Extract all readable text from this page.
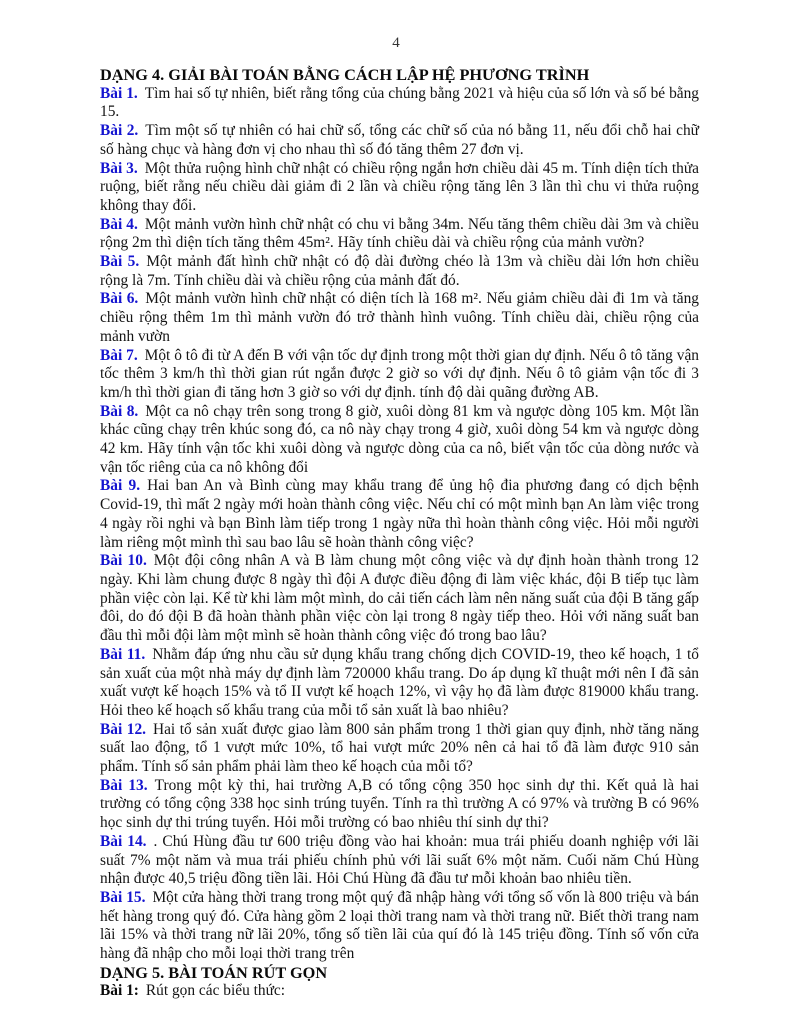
4
DẠNG 4. GIẢI BÀI TOÁN BẰNG CÁCH LẬP HỆ PHƯƠNG TRÌNH

Bài 1. Tìm hai số tự nhiên, biết rằng tổng của chúng bằng 2021 và hiệu của số lớn và số bé bằng 15.

Bài 2. Tìm một số tự nhiên có hai chữ số, tổng các chữ số của nó bằng 11, nếu đổi chỗ hai chữ số hàng chục và hàng đơn vị cho nhau thì số đó tăng thêm 27 đơn vị.

Bài 3. Một thửa ruộng hình chữ nhật có chiều rộng ngắn hơn chiều dài 45 m. Tính diện tích thửa ruộng, biết rằng nếu chiều dài giảm đi 2 lần và chiều rộng tăng lên 3 lần thì chu vi thửa ruộng không thay đổi.

Bài 4. Một mảnh vườn hình chữ nhật có chu vi bằng 34m. Nếu tăng thêm chiều dài 3m và chiều rộng 2m thì diện tích tăng thêm 45m². Hãy tính chiều dài và chiều rộng của mảnh vườn?

Bài 5. Một mảnh đất hình chữ nhật có độ dài đường chéo là 13m và chiều dài lớn hơn chiều rộng là 7m. Tính chiều dài và chiều rộng của mảnh đất đó.

Bài 6. Một mảnh vườn hình chữ nhật có diện tích là 168 m². Nếu giảm chiều dài đi 1m và tăng chiều rộng thêm 1m thì mảnh vườn đó trở thành hình vuông. Tính chiều dài, chiều rộng của mảnh vườn

Bài 7. Một ô tô đi từ A đến B với vận tốc dự định trong một thời gian dự định. Nếu ô tô tăng vận tốc thêm 3 km/h thì thời gian rút ngắn được 2 giờ so với dự định. Nếu ô tô giảm vận tốc đi 3 km/h thì thời gian đi tăng hơn 3 giờ so với dự định. tính độ dài quãng đường AB.

Bài 8. Một ca nô chạy trên song trong 8 giờ, xuôi dòng 81 km và ngược dòng 105 km. Một lần khác cũng chạy trên khúc song đó, ca nô này chạy trong 4 giờ, xuôi dòng 54 km và ngược dòng 42 km. Hãy tính vận tốc khi xuôi dòng và ngược dòng của ca nô, biết vận tốc của dòng nước và vận tốc riêng của ca nô không đổi

Bài 9. Hai ban An và Bình cùng may khẩu trang để ủng hộ đia phương đang có dịch bệnh Covid-19, thì mất 2 ngày mới hoàn thành công việc. Nếu chỉ có một mình bạn An làm việc trong 4 ngày rồi nghi và bạn Bình làm tiếp trong 1 ngày nữa thì hoàn thành công việc. Hỏi mỗi người làm riêng một mình thì sau bao lâu sẽ hoàn thành công việc?

Bài 10. Một đội công nhân A và B làm chung một công việc và dự định hoàn thành trong 12 ngày. Khi làm chung được 8 ngày thì đội A được điều động đi làm việc khác, đội B tiếp tục làm phần việc còn lại. Kể từ khi làm một mình, do cải tiến cách làm nên năng suất của đội B tăng gấp đôi, do đó đội B đã hoàn thành phần việc còn lại trong 8 ngày tiếp theo. Hỏi với năng suất ban đầu thì mỗi đội làm một mình sẽ hoàn thành công việc đó trong bao lâu?

Bài 11. Nhằm đáp ứng nhu cầu sử dụng khẩu trang chống dịch COVID-19, theo kế hoạch, 1 tổ sản xuất của một nhà máy dự định làm 720000 khẩu trang. Do áp dụng kĩ thuật mới nên I đã sản xuất vượt kế hoạch 15% và tổ II vượt kế hoạch 12%, vì vậy họ đã làm được 819000 khẩu trang. Hỏi theo kế hoạch số khẩu trang của mỗi tổ sản xuất là bao nhiêu?

Bài 12. Hai tổ sản xuất được giao làm 800 sản phẩm trong 1 thời gian quy định, nhờ tăng năng suất lao động, tổ 1 vượt mức 10%, tổ hai vượt mức 20% nên cả hai tổ đã làm được 910 sản phẩm. Tính số sản phẩm phải làm theo kế hoạch của mỗi tổ?

Bài 13. Trong một kỳ thi, hai trường A,B có tổng cộng 350 học sinh dự thi. Kết quả là hai trường có tổng cộng 338 học sinh trúng tuyển. Tính ra thì trường A có 97% và trường B có 96% học sinh dự thi trúng tuyển. Hỏi mỗi trường có bao nhiêu thí sinh dự thi?

Bài 14. . Chú Hùng đầu tư 600 triệu đồng vào hai khoản: mua trái phiếu doanh nghiệp với lãi suất 7% một năm và mua trái phiếu chính phủ với lãi suất 6% một năm. Cuối năm Chú Hùng nhận được 40,5 triệu đồng tiền lãi. Hỏi Chú Hùng đã đầu tư mỗi khoản bao nhiêu tiền.

Bài 15. Một cửa hàng thời trang trong một quý đã nhập hàng với tổng số vốn là 800 triệu và bán hết hàng trong quý đó. Cửa hàng gồm 2 loại thời trang nam và thời trang nữ. Biết thời trang nam lãi 15% và thời trang nữ lãi 20%, tổng số tiền lãi của quí đó là 145 triệu đồng. Tính số vốn cửa hàng đã nhập cho mỗi loại thời trang trên

DẠNG 5. BÀI TOÁN RÚT GỌN

Bài 1: Rút gọn các biểu thức:
